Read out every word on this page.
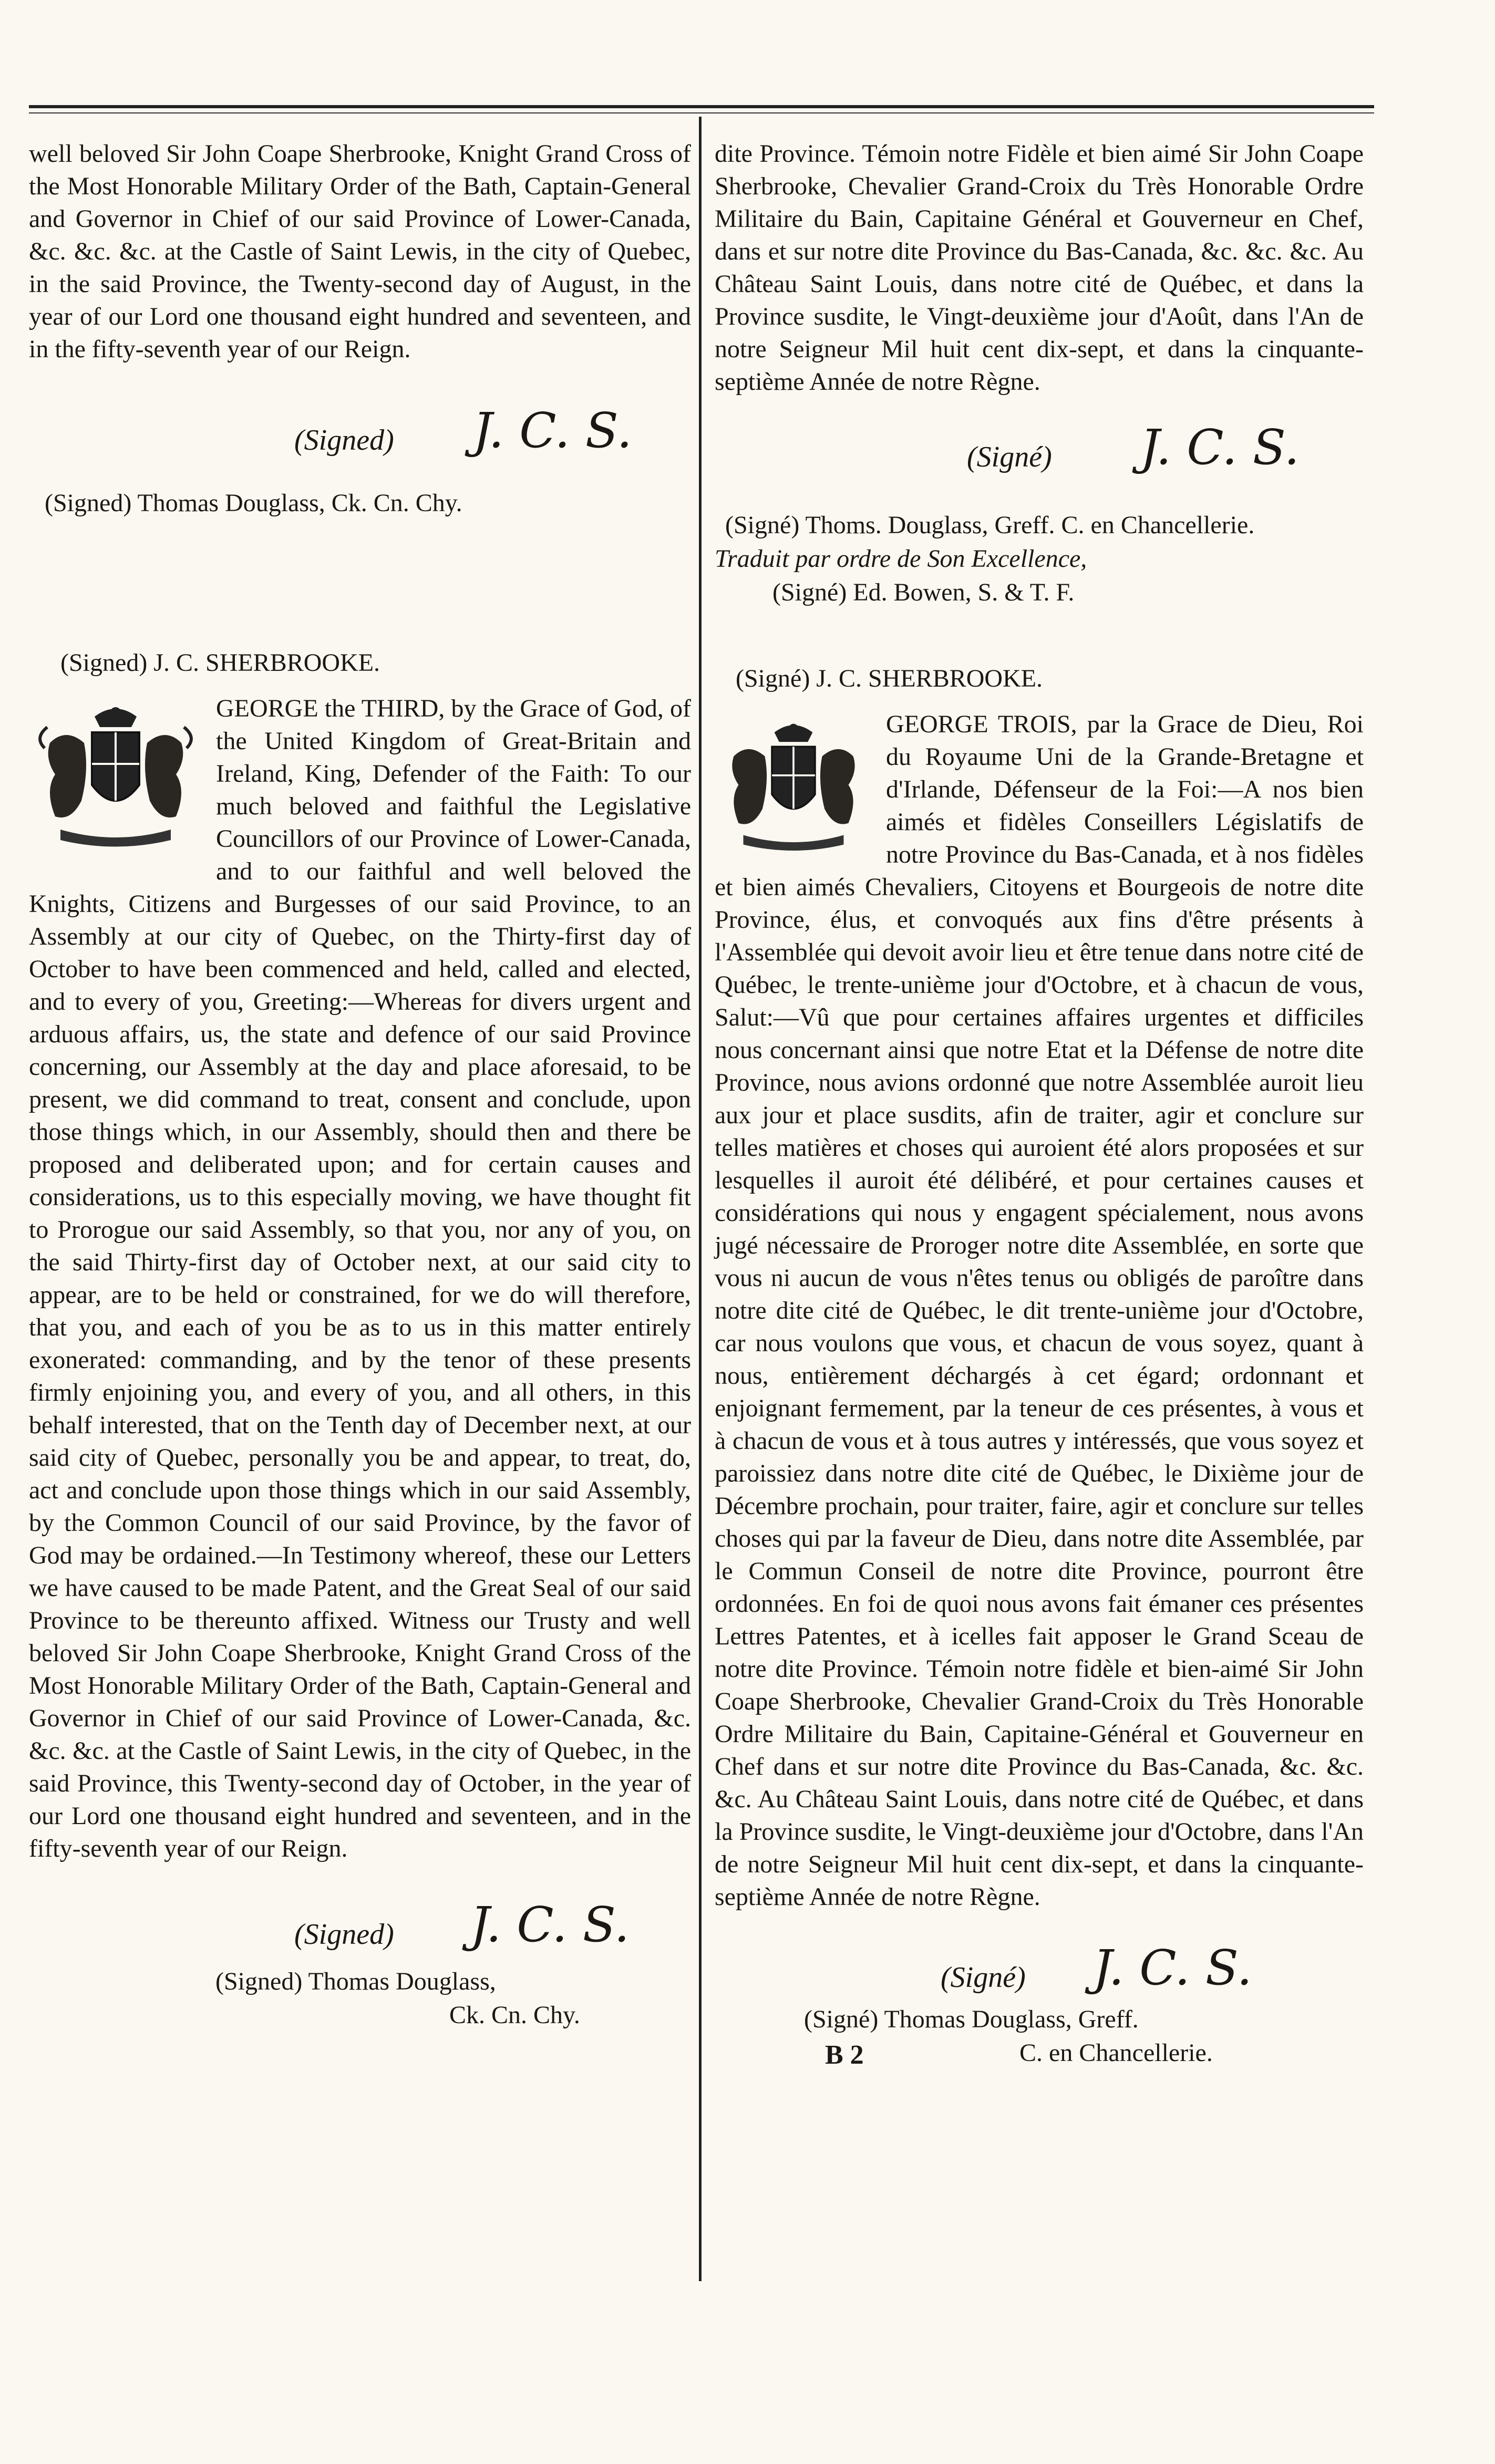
well beloved Sir John Coape Sherbrooke, Knight Grand Cross of the Most Honorable Military Order of the Bath, Captain-General and Governor in Chief of our said Province of Lower-Canada, &c. &c. &c. at the Castle of Saint Lewis, in the city of Quebec, in the said Province, the Twenty-second day of August, in the year of our Lord one thousand eight hundred and seventeen, and in the fifty-seventh year of our Reign.

(Signed) J. C. S.
(Signed) Thomas Douglass, Ck. Cn. Chy.
(Signed) J. C. SHERBROOKE.

GEORGE the THIRD, by the Grace of God, of the United Kingdom of Great-Britain and Ireland, King, Defender of the Faith: To our much beloved and faithful the Legislative Councillors of our Province of Lower-Canada, and to our faithful and well beloved the Knights, Citizens and Burgesses of our said Province, to an Assembly at our city of Quebec, on the Thirty-first day of October to have been commenced and held, called and elected, and to every of you, Greeting:—Whereas for divers urgent and arduous affairs, us, the state and defence of our said Province concerning, our Assembly at the day and place aforesaid, to be present, we did command to treat, consent and conclude, upon those things which, in our Assembly, should then and there be proposed and deliberated upon; and for certain causes and considerations, us to this especially moving, we have thought fit to Prorogue our said Assembly, so that you, nor any of you, on the said Thirty-first day of October next, at our said city to appear, are to be held or constrained, for we do will therefore, that you, and each of you be as to us in this matter entirely exonerated: commanding, and by the tenor of these presents firmly enjoining you, and every of you, and all others, in this behalf interested, that on the Tenth day of December next, at our said city of Quebec, personally you be and appear, to treat, do, act and conclude upon those things which in our said Assembly, by the Common Council of our said Province, by the favor of God may be ordained.—In Testimony whereof, these our Letters we have caused to be made Patent, and the Great Seal of our said Province to be thereunto affixed. Witness our Trusty and well beloved Sir John Coape Sherbrooke, Knight Grand Cross of the Most Honorable Military Order of the Bath, Captain-General and Governor in Chief of our said Province of Lower-Canada, &c. &c. &c. at the Castle of Saint Lewis, in the city of Quebec, in the said Province, this Twenty-second day of October, in the year of our Lord one thousand eight hundred and seventeen, and in the fifty-seventh year of our Reign.

(Signed) J. C. S.
(Signed) Thomas Douglass,
Ck. Cn. Chy.

dite Province. Témoin notre Fidèle et bien aimé Sir John Coape Sherbrooke, Chevalier Grand-Croix du Très Honorable Ordre Militaire du Bain, Capitaine Général et Gouverneur en Chef, dans et sur notre dite Province du Bas-Canada, &c. &c. &c. Au Château Saint Louis, dans notre cité de Québec, et dans la Province susdite, le Vingt-deuxième jour d'Août, dans l'An de notre Seigneur Mil huit cent dix-sept, et dans la cinquante-septième Année de notre Règne.

(Signé) J. C. S.
(Signé) Thoms. Douglass, Greff. C. en Chancellerie.
Traduit par ordre de Son Excellence,
(Signé) Ed. Bowen, S. & T. F.
(Signé) J. C. SHERBROOKE.

GEORGE TROIS, par la Grace de Dieu, Roi du Royaume Uni de la Grande-Bretagne et d'Irlande, Défenseur de la Foi:—A nos bien aimés et fidèles Conseillers Législatifs de notre Province du Bas-Canada, et à nos fidèles et bien aimés Chevaliers, Citoyens et Bourgeois de notre dite Province, élus, et convoqués aux fins d'être présents à l'Assemblée qui devoit avoir lieu et être tenue dans notre cité de Québec, le trente-unième jour d'Octobre, et à chacun de vous, Salut:—Vû que pour certaines affaires urgentes et difficiles nous concernant ainsi que notre Etat et la Défense de notre dite Province, nous avions ordonné que notre Assemblée auroit lieu aux jour et place susdits, afin de traiter, agir et conclure sur telles matières et choses qui auroient été alors proposées et sur lesquelles il auroit été délibéré, et pour certaines causes et considérations qui nous y engagent spécialement, nous avons jugé nécessaire de Proroger notre dite Assemblée, en sorte que vous ni aucun de vous n'êtes tenus ou obligés de paroître dans notre dite cité de Québec, le dit trente-unième jour d'Octobre, car nous voulons que vous, et chacun de vous soyez, quant à nous, entièrement déchargés à cet égard; ordonnant et enjoignant fermement, par la teneur de ces présentes, à vous et à chacun de vous et à tous autres y intéressés, que vous soyez et paroissiez dans notre dite cité de Québec, le Dixième jour de Décembre prochain, pour traiter, faire, agir et conclure sur telles choses qui par la faveur de Dieu, dans notre dite Assemblée, par le Commun Conseil de notre dite Province, pourront être ordonnées. En foi de quoi nous avons fait émaner ces présentes Lettres Patentes, et à icelles fait apposer le Grand Sceau de notre dite Province. Témoin notre fidèle et bien-aimé Sir John Coape Sherbrooke, Chevalier Grand-Croix du Très Honorable Ordre Militaire du Bain, Capitaine-Général et Gouverneur en Chef dans et sur notre dite Province du Bas-Canada, &c. &c. &c. Au Château Saint Louis, dans notre cité de Québec, et dans la Province susdite, le Vingt-deuxième jour d'Octobre, dans l'An de notre Seigneur Mil huit cent dix-sept, et dans la cinquante-septième Année de notre Règne.

(Signé) J. C. S.
(Signé) Thomas Douglass, Greff.
B 2	C. en Chancellerie.
